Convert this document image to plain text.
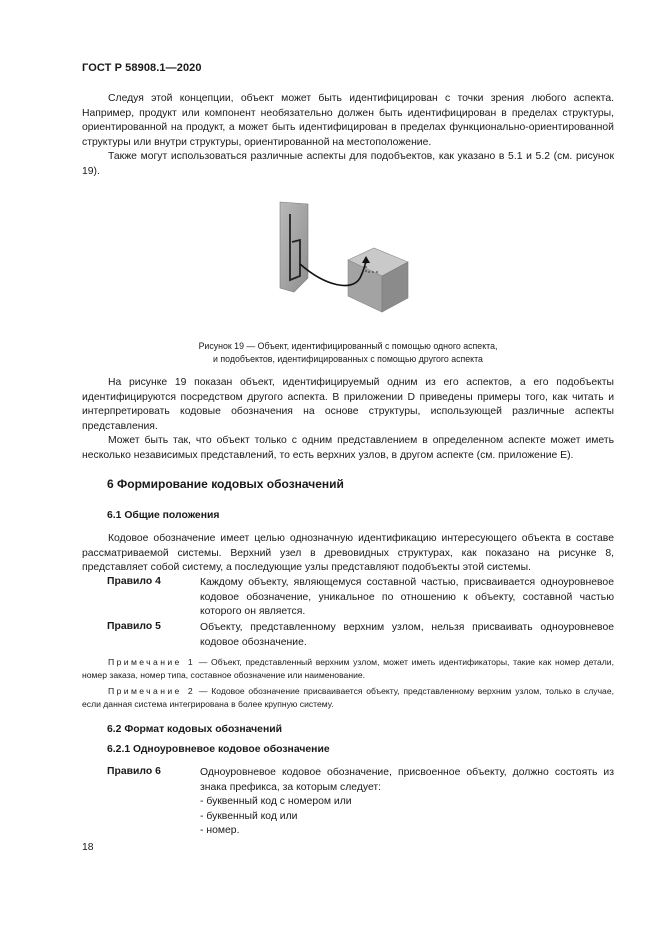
ГОСТ Р 58908.1—2020
Следуя этой концепции, объект может быть идентифицирован с точки зрения любого аспекта. Например, продукт или компонент необязательно должен быть идентифицирован в пределах структуры, ориентированной на продукт, а может быть идентифицирован в пределах функционально-ориентированной структуры или внутри структуры, ориентированной на местоположение.
Также могут использоваться различные аспекты для подобъектов, как указано в 5.1 и 5.2 (см. рисунок 19).
Рисунок 19 — Объект, идентифицированный с помощью одного аспекта,
и подобъектов, идентифицированных с помощью другого аспекта
На рисунке 19 показан объект, идентифицируемый одним из его аспектов, а его подобъекты идентифицируются посредством другого аспекта. В приложении D приведены примеры того, как читать и интерпретировать кодовые обозначения на основе структуры, использующей различные аспекты представления.
Может быть так, что объект только с одним представлением в определенном аспекте может иметь несколько независимых представлений, то есть верхних узлов, в другом аспекте (см. приложение Е).
6 Формирование кодовых обозначений
6.1 Общие положения
Кодовое обозначение имеет целью однозначную идентификацию интересующего объекта в составе рассматриваемой системы. Верхний узел в древовидных структурах, как показано на рисунке 8, представляет собой систему, а последующие узлы представляют подобъекты этой системы.
Правило 4	Каждому объекту, являющемуся составной частью, присваивается одноуровневое кодовое обозначение, уникальное по отношению к объекту, составной частью которого он является.
Правило 5	Объекту, представленному верхним узлом, нельзя присваивать одноуровневое кодовое обозначение.
Примечание 1 — Объект, представленный верхним узлом, может иметь идентификаторы, такие как номер детали, номер заказа, номер типа, составное обозначение или наименование.
Примечание 2 — Кодовое обозначение присваивается объекту, представленному верхним узлом, только в случае, если данная система интегрирована в более крупную систему.
6.2 Формат кодовых обозначений
6.2.1 Одноуровневое кодовое обозначение
Правило 6	Одноуровневое кодовое обозначение, присвоенное объекту, должно состоять из знака префикса, за которым следует:
- буквенный код с номером или
- буквенный код или
- номер.
18
